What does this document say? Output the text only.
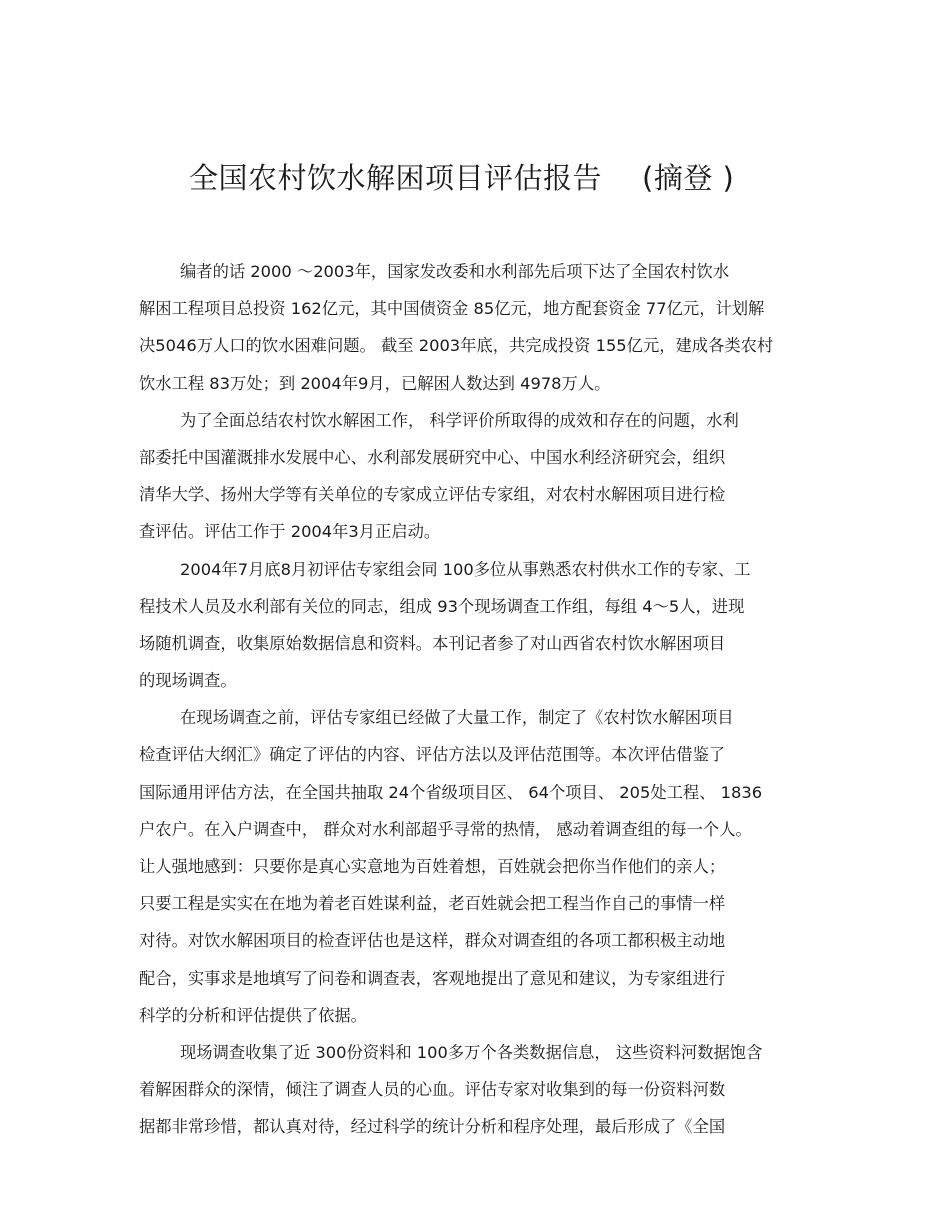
全国农村饮水解困项目评估报告 (摘登 )
编者的话 2000 ～2003年，国家发改委和水利部先后项下达了全国农村饮水
解困工程项目总投资 162亿元，其中国债资金 85亿元，地方配套资金 77亿元，计划解
决5046万人口的饮水困难问题。 截至 2003年底，共完成投资 155亿元，建成各类农村
饮水工程 83万处；到 2004年9月，已解困人数达到 4978万人。
为了全面总结农村饮水解困工作， 科学评价所取得的成效和存在的问题，水利
部委托中国灌溉排水发展中心、水利部发展研究中心、中国水利经济研究会，组织
清华大学、扬州大学等有关单位的专家成立评估专家组，对农村水解困项目进行检
查评估。评估工作于 2004年3月正启动。
2004年7月底8月初评估专家组会同 100多位从事熟悉农村供水工作的专家、工
程技术人员及水利部有关位的同志，组成 93个现场调查工作组，每组 4～5人，进现
场随机调查，收集原始数据信息和资料。本刊记者参了对山西省农村饮水解困项目
的现场调查。
在现场调查之前，评估专家组已经做了大量工作，制定了《农村饮水解困项目
检查评估大纲汇》确定了评估的内容、评估方法以及评估范围等。本次评估借鉴了
国际通用评估方法，在全国共抽取 24个省级项目区、 64个项目、 205处工程、 1836
户农户。在入户调查中， 群众对水利部超乎寻常的热情， 感动着调查组的每一个人。
让人强地感到：只要你是真心实意地为百姓着想，百姓就会把你当作他们的亲人；
只要工程是实实在在地为着老百姓谋利益，老百姓就会把工程当作自己的事情一样
对待。对饮水解困项目的检查评估也是这样，群众对调查组的各项工都积极主动地
配合，实事求是地填写了问卷和调查表，客观地提出了意见和建议，为专家组进行
科学的分析和评估提供了依据。
现场调查收集了近 300份资料和 100多万个各类数据信息， 这些资料河数据饱含
着解困群众的深情，倾注了调查人员的心血。评估专家对收集到的每一份资料河数
据都非常珍惜，都认真对待，经过科学的统计分析和程序处理，最后形成了《全国
